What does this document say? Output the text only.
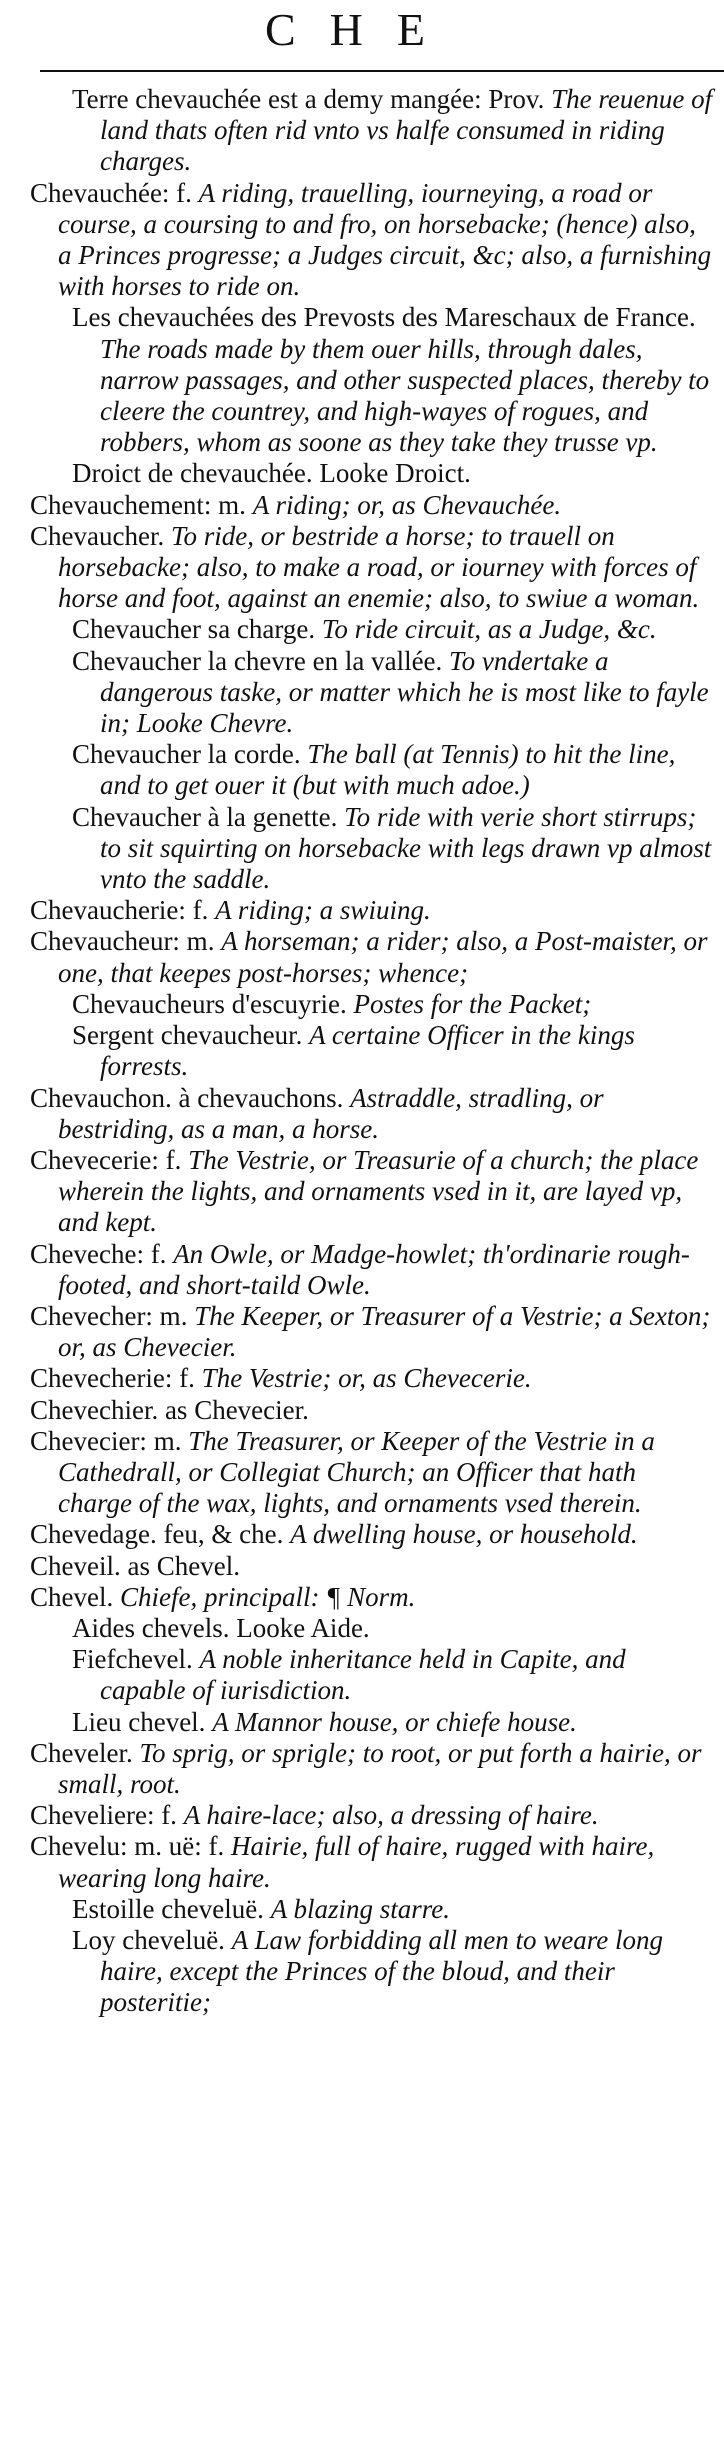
CHE

Terre chevauchée est a demy mangée: Prov. The reuenue of land thats often rid vnto vs halfe consumed in riding charges.

Chevauchée: f. A riding, trauelling, iourneying, a road or course, a coursing to and fro, on horsebacke; (hence) also, a Princes progresse; a Judges circuit, &c; also, a furnishing with horses to ride on.

Les chevauchées des Prevosts des Mareschaux de France. The roads made by them ouer hills, through dales, narrow passages, and other suspected places, thereby to cleere the countrey, and high-wayes of rogues, and robbers, whom as soone as they take they trusse vp.

Droict de chevauchée. Looke Droict.

Chevauchement: m. A riding; or, as Chevauchée.

Chevaucher. To ride, or bestride a horse; to trauell on horsebacke; also, to make a road, or iourney with forces of horse and foot, against an enemie; also, to swiue a woman.

Chevaucher sa charge. To ride circuit, as a Judge, &c.

Chevaucher la chevre en la vallée. To vndertake a dangerous taske, or matter which he is most like to fayle in; Looke Chevre.

Chevaucher la corde. The ball (at Tennis) to hit the line, and to get ouer it (but with much adoe.)

Chevaucher à la genette. To ride with verie short stirrups; to sit squirting on horsebacke with legs drawn vp almost vnto the saddle.

Chevaucherie: f. A riding; a swiuing.

Chevaucheur: m. A horseman; a rider; also, a Post-maister, or one, that keepes post-horses; whence;

Chevaucheurs d'escuyrie. Postes for the Packet;

Sergent chevaucheur. A certaine Officer in the kings forrests.

Chevauchon. à chevauchons. Astraddle, stradling, or bestriding, as a man, a horse.

Chevecerie: f. The Vestrie, or Treasurie of a church; the place wherein the lights, and ornaments vsed in it, are layed vp, and kept.

Cheveche: f. An Owle, or Madge-howlet; th'ordinarie rough-footed, and short-taild Owle.

Chevecher: m. The Keeper, or Treasurer of a Vestrie; a Sexton; or, as Chevecier.

Chevecherie: f. The Vestrie; or, as Chevecerie.

Chevechier. as Chevecier.

Chevecier: m. The Treasurer, or Keeper of the Vestrie in a Cathedrall, or Collegiat Church; an Officer that hath charge of the wax, lights, and ornaments vsed therein.

Chevedage. feu, & che. A dwelling house, or household.

Cheveil. as Chevel.

Chevel. Chiefe, principall: ¶ Norm.

Aides chevels. Looke Aide.

Fiefchevel. A noble inheritance held in Capite, and capable of iurisdiction.

Lieu chevel. A Mannor house, or chiefe house.

Cheveler. To sprig, or sprigle; to root, or put forth a hairie, or small, root.

Cheveliere: f. A haire-lace; also, a dressing of haire.

Chevelu: m. uë: f. Hairie, full of haire, rugged with haire, wearing long haire.

Estoille cheveluë. A blazing starre.

Loy cheveluë. A Law forbidding all men to weare long haire, except the Princes of the bloud, and their posteritie;
